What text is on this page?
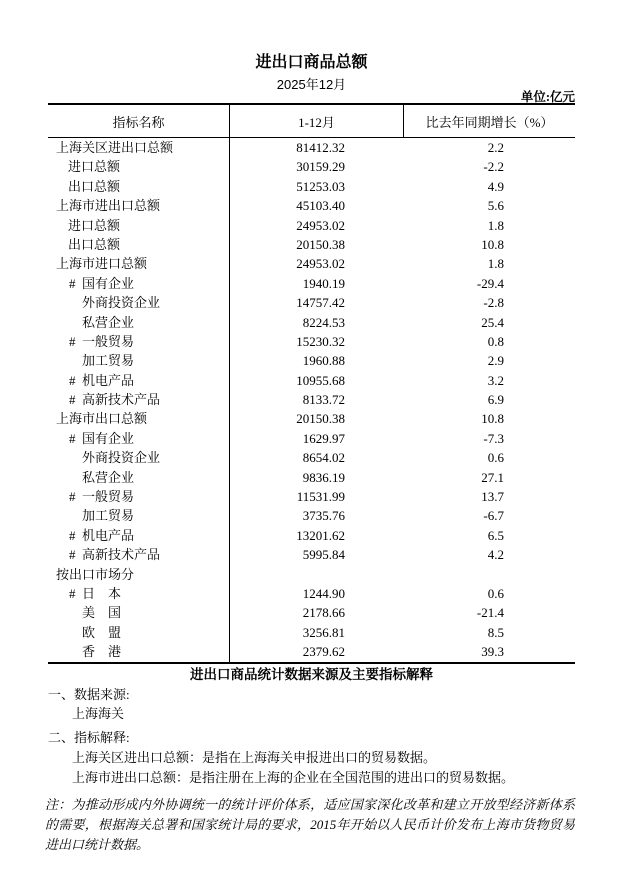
进出口商品总额
2025年12月
单位:亿元
指标名称	1-12月	比去年同期增长（%）
上海关区进出口总额	81412.32	2.2
进口总额	30159.29	-2.2
出口总额	51253.03	4.9
上海市进出口总额	45103.40	5.6
进口总额	24953.02	1.8
出口总额	20150.38	10.8
上海市进口总额	24953.02	1.8
# 国有企业	1940.19	-29.4
外商投资企业	14757.42	-2.8
私营企业	8224.53	25.4
# 一般贸易	15230.32	0.8
加工贸易	1960.88	2.9
# 机电产品	10955.68	3.2
# 高新技术产品	8133.72	6.9
上海市出口总额	20150.38	10.8
# 国有企业	1629.97	-7.3
外商投资企业	8654.02	0.6
私营企业	9836.19	27.1
# 一般贸易	11531.99	13.7
加工贸易	3735.76	-6.7
# 机电产品	13201.62	6.5
# 高新技术产品	5995.84	4.2
按出口市场分
# 日　本	1244.90	0.6
美　国	2178.66	-21.4
欧　盟	3256.81	8.5
香　港	2379.62	39.3
进出口商品统计数据来源及主要指标解释
一、数据来源:
上海海关
二、指标解释:
上海关区进出口总额：是指在上海海关申报进出口的贸易数据。
上海市进出口总额：是指注册在上海的企业在全国范围的进出口的贸易数据。
注：为推动形成内外协调统一的统计评价体系，适应国家深化改革和建立开放型经济新体系的需要，根据海关总署和国家统计局的要求，2015年开始以人民币计价发布上海市货物贸易进出口统计数据。
